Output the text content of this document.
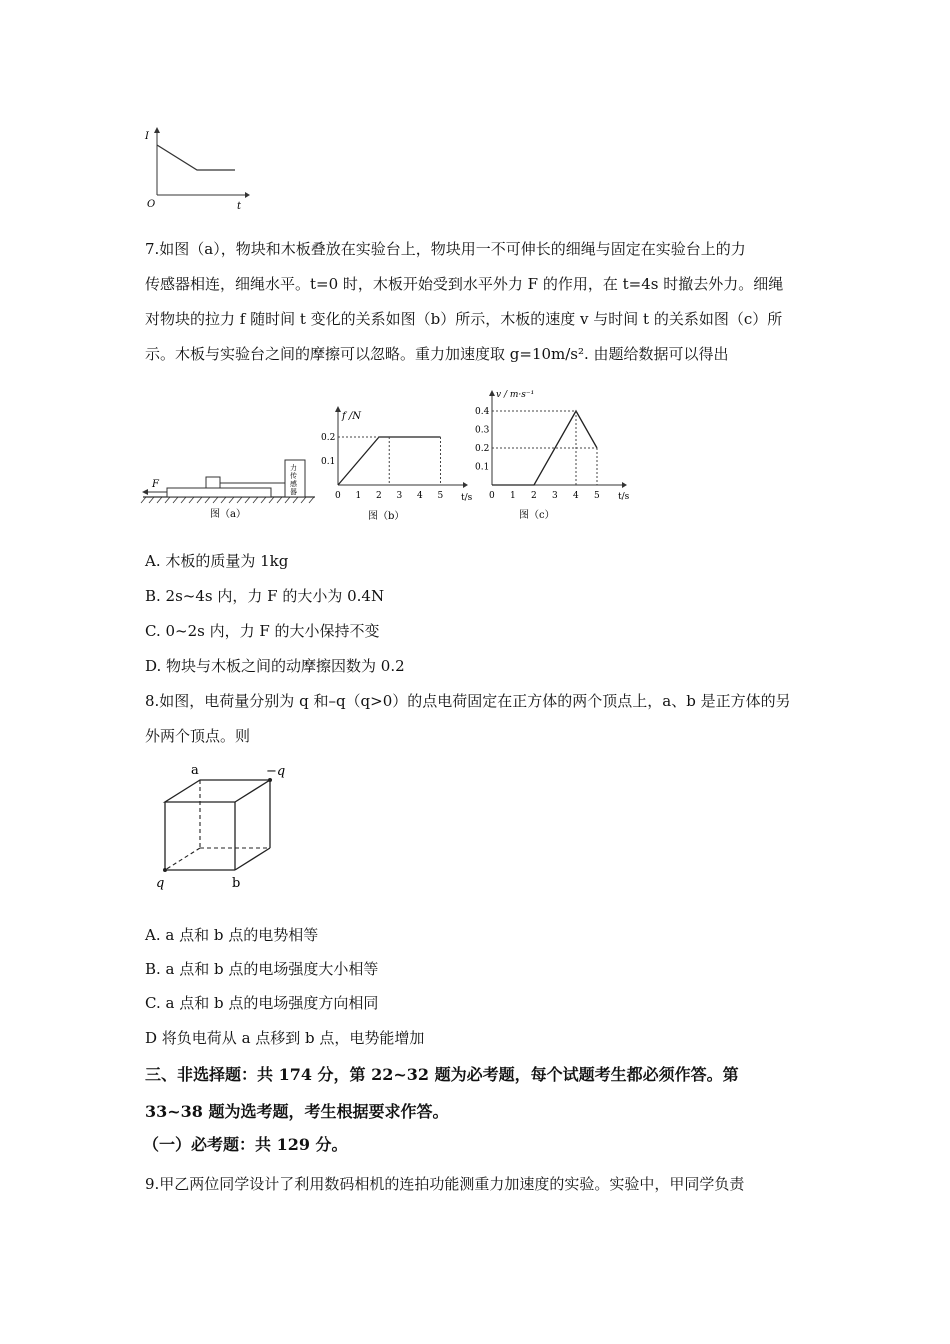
I
t
O
7.如图（a），物块和木板叠放在实验台上，物块用一不可伸长的细绳与固定在实验台上的力
传感器相连，细绳水平。t=0 时，木板开始受到水平外力 F 的作用，在 t=4s 时撤去外力。细绳
对物块的拉力 f 随时间 t 变化的关系如图（b）所示，木板的速度 v 与时间 t 的关系如图（c）所
示。木板与实验台之间的摩擦可以忽略。重力加速度取 g=10m/s². 由题给数据可以得出
力
传
感
器
F
图（a）
f /N
t/s
图（b）
0 1 2 3 4 5
0.2
0.1
v / m·s⁻¹
t/s
图（c）
0 1 2 3 4 5
0.4
0.3
0.2
0.1
A. 木板的质量为 1kg
B. 2s~4s 内，力 F 的大小为 0.4N
C. 0~2s 内，力 F 的大小保持不变
D. 物块与木板之间的动摩擦因数为 0.2
8.如图，电荷量分别为 q 和–q（q>0）的点电荷固定在正方体的两个顶点上，a、b 是正方体的另
外两个顶点。则
a	−q
q	b
A. a 点和 b 点的电势相等
B. a 点和 b 点的电场强度大小相等
C. a 点和 b 点的电场强度方向相同
D 将负电荷从 a 点移到 b 点，电势能增加
三、非选择题：共 174 分，第 22~32 题为必考题，每个试题考生都必须作答。第
33~38 题为选考题，考生根据要求作答。
（一）必考题：共 129 分。
9.甲乙两位同学设计了利用数码相机的连拍功能测重力加速度的实验。实验中，甲同学负责
